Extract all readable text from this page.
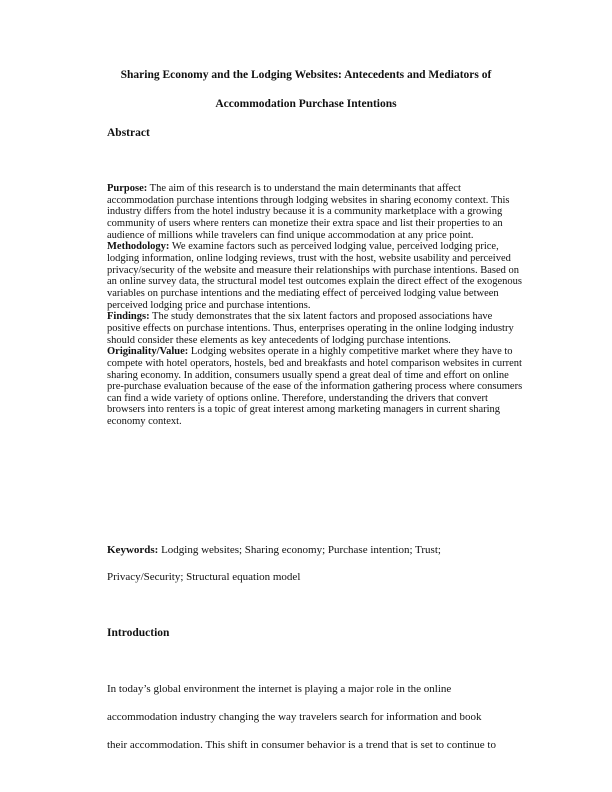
Sharing Economy and the Lodging Websites: Antecedents and Mediators of
Accommodation Purchase Intentions
Abstract

Purpose: The aim of this research is to understand the main determinants that affect accommodation purchase intentions through lodging websites in sharing economy context. This industry differs from the hotel industry because it is a community marketplace with a growing community of users where renters can monetize their extra space and list their properties to an audience of millions while travelers can find unique accommodation at any price point.

Methodology: We examine factors such as perceived lodging value, perceived lodging price, lodging information, online lodging reviews, trust with the host, website usability and perceived privacy/security of the website and measure their relationships with purchase intentions. Based on an online survey data, the structural model test outcomes explain the direct effect of the exogenous variables on purchase intentions and the mediating effect of perceived lodging value between perceived lodging price and purchase intentions.

Findings: The study demonstrates that the six latent factors and proposed associations have positive effects on purchase intentions. Thus, enterprises operating in the online lodging industry should consider these elements as key antecedents of lodging purchase intentions.

Originality/Value: Lodging websites operate in a highly competitive market where they have to compete with hotel operators, hostels, bed and breakfasts and hotel comparison websites in current sharing economy. In addition, consumers usually spend a great deal of time and effort on online pre-purchase evaluation because of the ease of the information gathering process where consumers can find a wide variety of options online. Therefore, understanding the drivers that convert browsers into renters is a topic of great interest among marketing managers in current sharing economy context.

Keywords: Lodging websites; Sharing economy; Purchase intention; Trust;
Privacy/Security; Structural equation model
Introduction
In today’s global environment the internet is playing a major role in the online
accommodation industry changing the way travelers search for information and book
their accommodation. This shift in consumer behavior is a trend that is set to continue to
